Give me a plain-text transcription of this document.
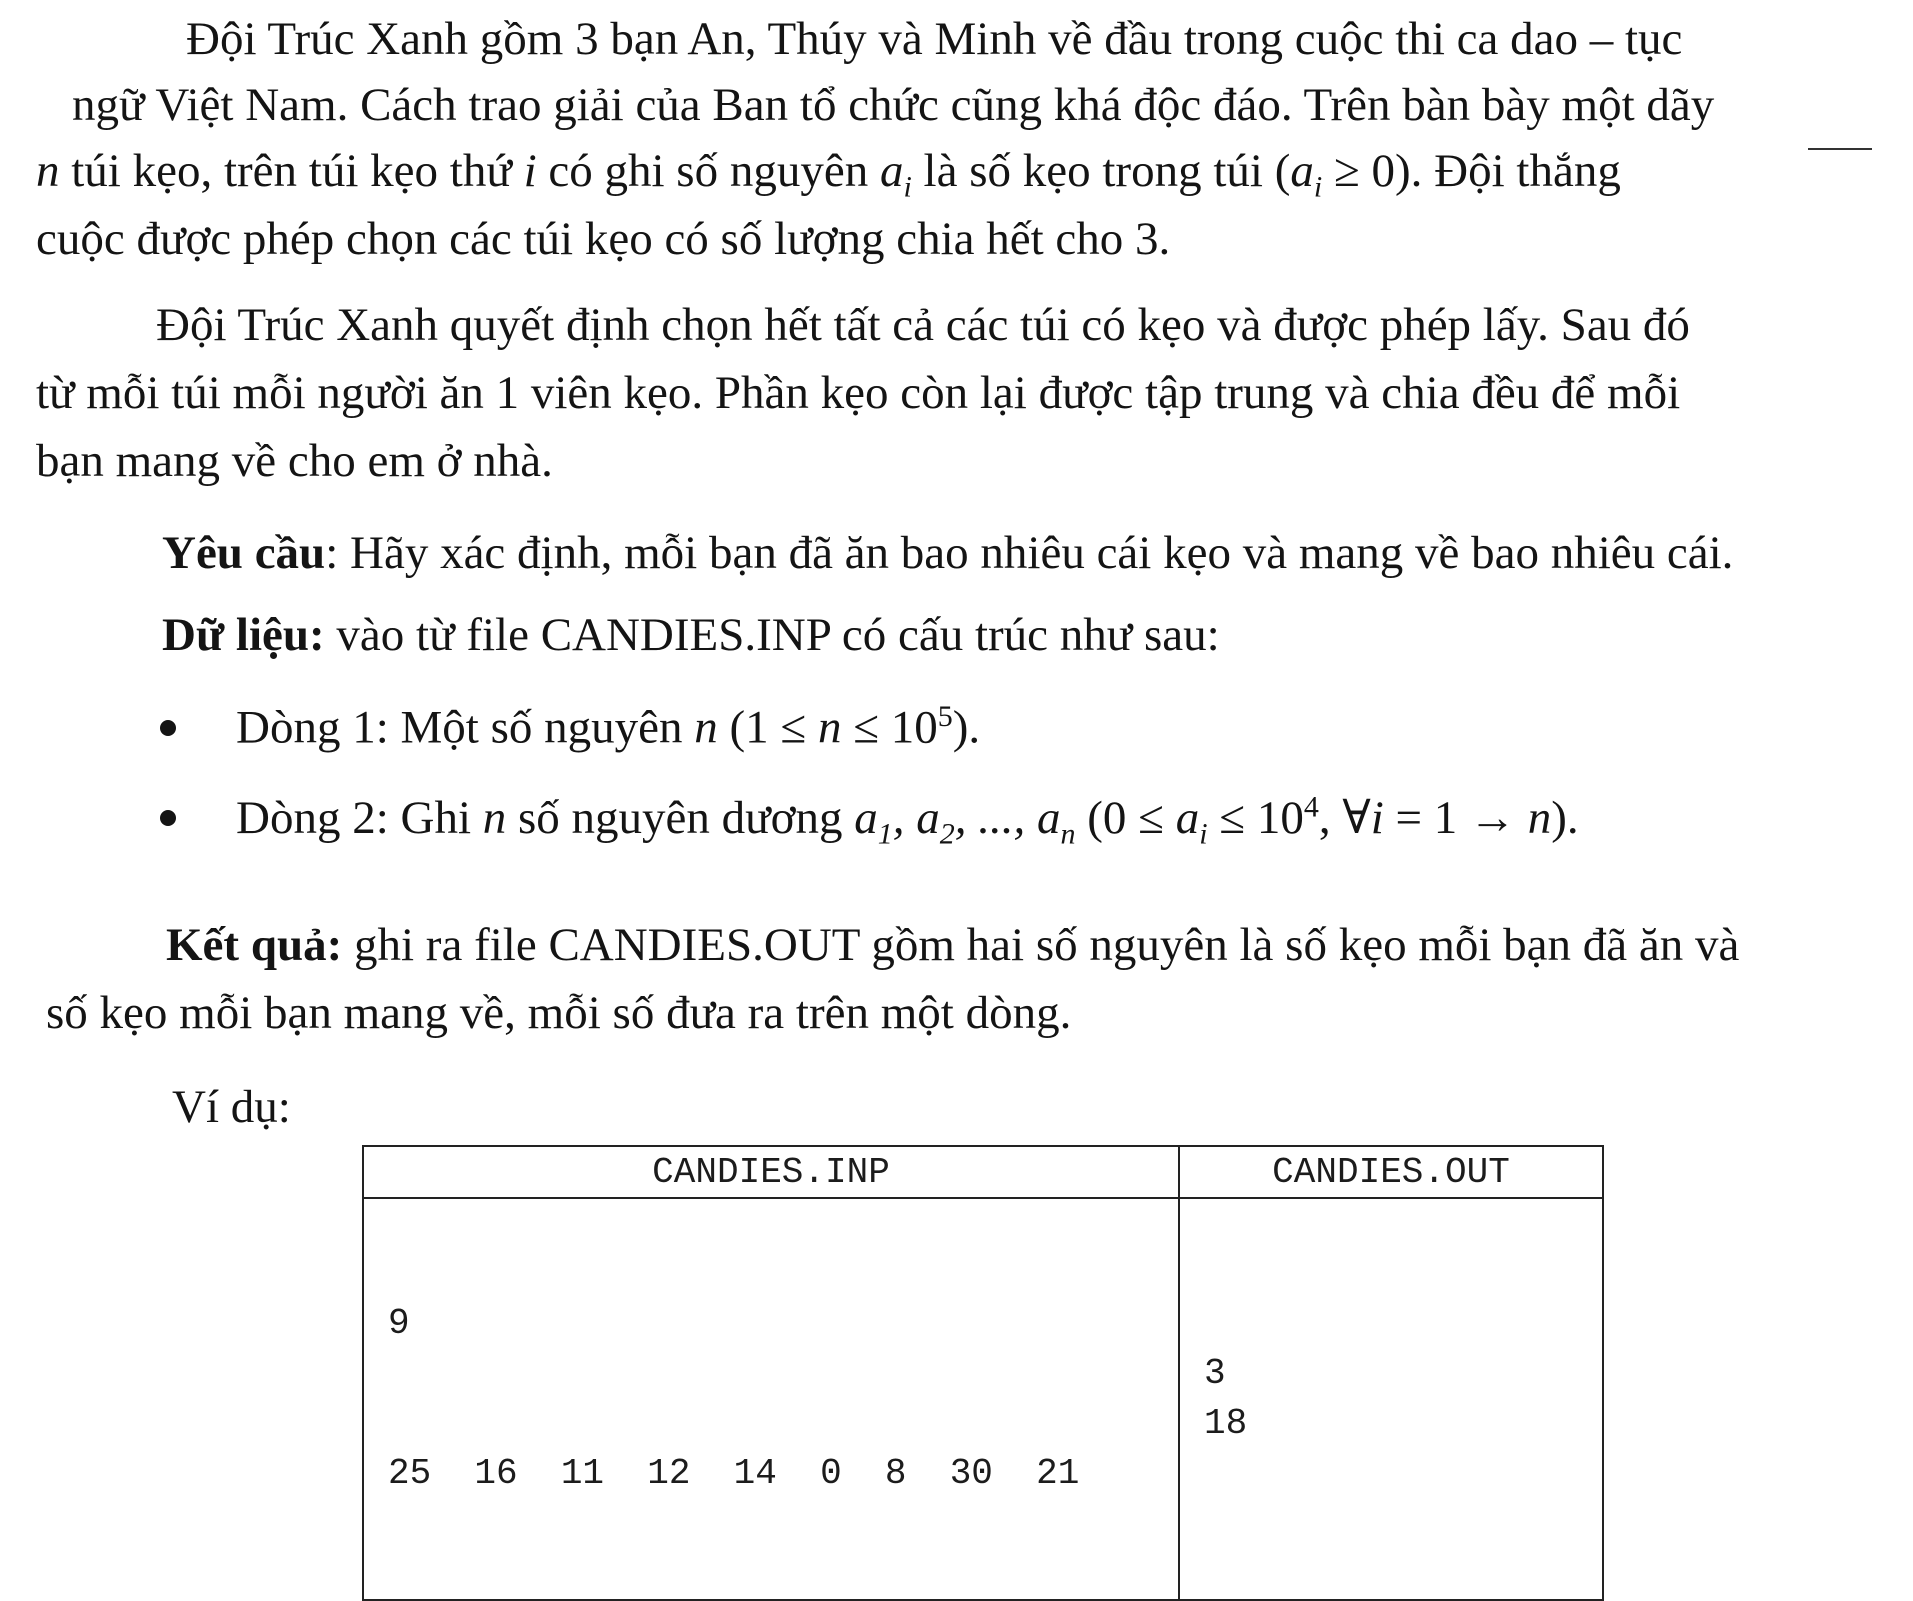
Đội Trúc Xanh gồm 3 bạn An, Thúy và Minh về đầu trong cuộc thi ca dao – tục
ngữ Việt Nam. Cách trao giải của Ban tổ chức cũng khá độc đáo. Trên bàn bày một dãy
n túi kẹo, trên túi kẹo thứ i có ghi số nguyên $a_i$ là số kẹo trong túi $(a_i \ge 0)$. Đội thắng
cuộc được phép chọn các túi kẹo có số lượng chia hết cho 3.
Đội Trúc Xanh quyết định chọn hết tất cả các túi có kẹo và được phép lấy. Sau đó
từ mỗi túi mỗi người ăn 1 viên kẹo. Phần kẹo còn lại được tập trung và chia đều để mỗi
bạn mang về cho em ở nhà.
Yêu cầu: Hãy xác định, mỗi bạn đã ăn bao nhiêu cái kẹo và mang về bao nhiêu cái.
Dữ liệu: vào từ file CANDIES.INP có cấu trúc như sau:
Dòng 1: Một số nguyên n $(1 \le n \le 10^5)$.
Dòng 2: Ghi n số nguyên dương $a_1$, $a_2$, ..., $a_n$ ($0 \le a_i \le 10^4$, ∀i = 1 → n).
Kết quả: ghi ra file CANDIES.OUT gồm hai số nguyên là số kẹo mỗi bạn đã ăn và
số kẹo mỗi bạn mang về, mỗi số đưa ra trên một dòng.
Ví dụ:
CANDIES.INP	CANDIES.OUT

9

25  16  11  12  14  0  8  30  21	3
18
